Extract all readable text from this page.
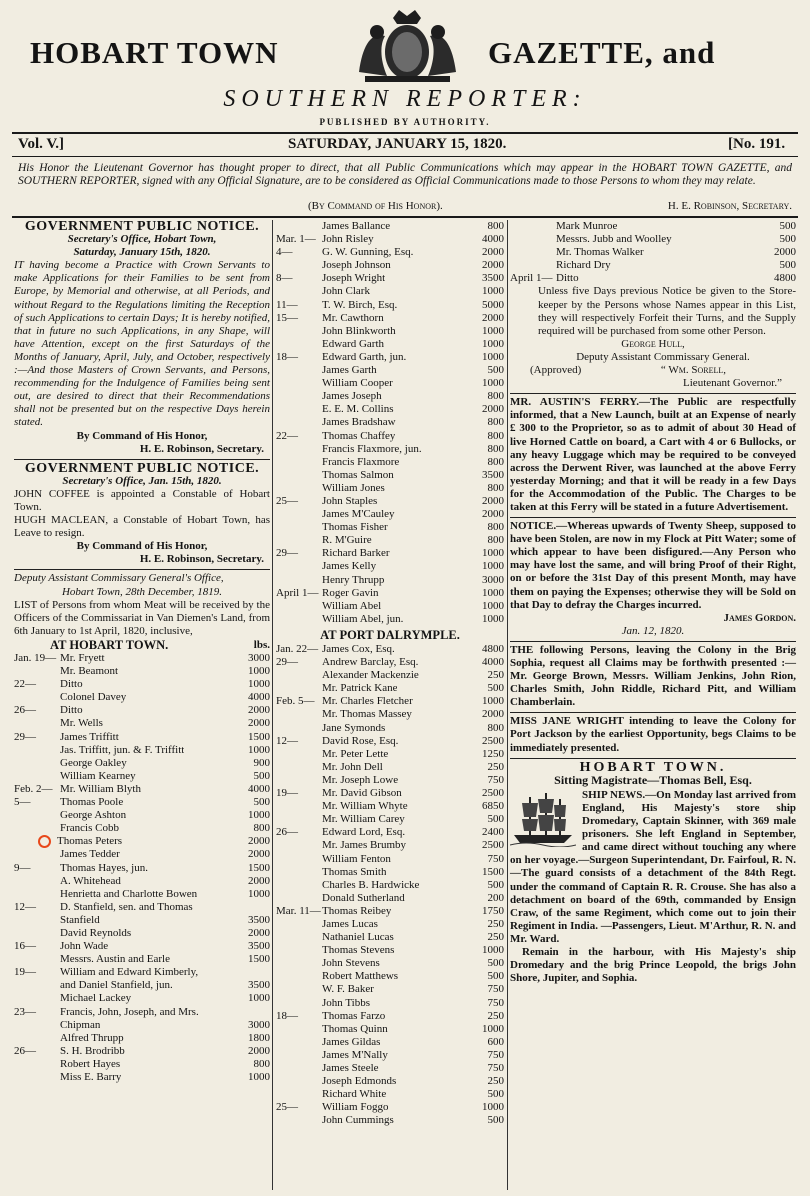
HOBART TOWN	GAZETTE, and
SOUTHERN REPORTER:
PUBLISHED BY AUTHORITY.
Vol. V.]	SATURDAY, JANUARY 15, 1820.	[No. 191.
His Honor the Lieutenant Governor has thought proper to direct, that all Public Communications which may appear in the HOBART TOWN GAZETTE, and SOUTHERN REPORTER, signed with any Official Signature, are to be considered as Official Communications made to those Persons to whom they may relate.
(By Command of His Honor).	H. E. Robinson, Secretary.
GOVERNMENT PUBLIC NOTICE.
Secretary's Office, Hobart Town,
Saturday, January 15th, 1820.
IT having become a Practice with Crown Servants to make Applications for their Families to be sent from Europe, by Memorial and otherwise, at all Periods, and without Regard to the Regulations limiting the Reception of such Applications to certain Days; It is hereby notified, that in future no such Applications, in any Shape, will have Attention, except on the first Saturdays of the Months of January, April, July, and October, respectively :—And those Masters of Crown Servants, and Persons, recommending for the Indulgence of Families being sent out, are desired to direct that their Recommendations shall not be presented but on the respective Days herein stated.
By Command of His Honor,
H. E. Robinson, Secretary.
GOVERNMENT PUBLIC NOTICE.
Secretary's Office, Jan. 15th, 1820.
JOHN COFFEE is appointed a Constable of Hobart Town.
HUGH MACLEAN, a Constable of Hobart Town, has Leave to resign.
By Command of His Honor,
H. E. Robinson, Secretary.
Deputy Assistant Commissary General's Office,
Hobart Town, 28th December, 1819.
LIST of Persons from whom Meat will be received by the Officers of the Commissariat in Van Diemen's Land, from 6th January to 1st April, 1820, inclusive,
AT HOBART TOWN.	lbs.
Jan. 19— Mr. Fryett	3000
Mr. Beamont	1000
22— Ditto	1000
Colonel Davey	4000
26— Ditto	2000
Mr. Wells	2000
29— James Triffitt	1500
Jas. Triffitt, jun. & F. Triffitt	1000
George Oakley	900
William Kearney	500
Feb. 2— Mr. William Blyth	4000
5—	Thomas Poole	500
George Ashton	1000
Francis Cobb	800
Thomas Peters	2000
James Tedder	2000
9—	Thomas Hayes, jun.	1500
A. Whitehead	2000
Henrietta and Charlotte Bowen	1000
12— D. Stanfield, sen. and Thomas
Stanfield	3500
David Reynolds	2000
16— John Wade	3500
Messrs. Austin and Earle	1500
19— William and Edward Kimberly,
and Daniel Stanfield, jun.	3500
Michael Lackey	1000
23— Francis, John, Joseph, and Mrs.
Chipman	3000
Alfred Thrupp	1800
26— S. H. Brodribb	2000
Robert Hayes	800
Miss E. Barry	1000
James Ballance	800
Mar. 1— John Risley	4000
4—	G. W. Gunning, Esq.	2000
Joseph Johnson	2000
8—	Joseph Wright	3500
John Clark	1000
11— T. W. Birch, Esq.	5000
15— Mr. Cawthorn	2000
John Blinkworth	1000
Edward Garth	1000
18— Edward Garth, jun.	1000
James Garth	500
William Cooper	1000
James Joseph	800
E. E. M. Collins	2000
James Bradshaw	800
22— Thomas Chaffey	800
Francis Flaxmore, jun.	800
Francis Flaxmore	800
Thomas Salmon	3500
William Jones	800
25— John Staples	2000
James M'Cauley	2000
Thomas Fisher	800
R. M'Guire	800
29— Richard Barker	1000
James Kelly	1000
Henry Thrupp	3000
April 1— Roger Gavin	1000
William Abel	1000
William Abel, jun.	1000
AT PORT DALRYMPLE.
Jan. 22— James Cox, Esq.	4800
29— Andrew Barclay, Esq.	4000
Alexander Mackenzie	250
Mr. Patrick Kane	500
Feb. 5— Mr. Charles Fletcher	1000
Mr. Thomas Massey	2000
Jane Symonds	800
12— David Rose, Esq.	2500
Mr. Peter Lette	1250
Mr. John Dell	250
Mr. Joseph Lowe	750
19— Mr. David Gibson	2500
Mr. William Whyte	6850
Mr. William Carey	500
26— Edward Lord, Esq.	2400
Mr. James Brumby	2500
William Fenton	750
Thomas Smith	1500
Charles B. Hardwicke	500
Donald Sutherland	200
Mar. 11—Thomas Reibey	1750
James Lucas	250
Nathaniel Lucas	250
Thomas Stevens	1000
John Stevens	500
Robert Matthews	500
W. F. Baker	750
John Tibbs	750
18— Thomas Farzo	250
Thomas Quinn	1000
James Gildas	600
James M'Nally	750
James Steele	750
Joseph Edmonds	250
Richard White	500
25— William Foggo	1000
John Cummings	500
Mark Munroe	500
Messrs. Jubb and Woolley	500
Mr. Thomas Walker	2000
Richard Dry	500
April 1— Ditto	4800
Unless five Days previous Notice be given to the Store-keeper by the Persons whose Names appear in this List, they will respectively Forfeit their Turns, and the Supply required will be purchased from some other Person.
George Hull,
Deputy Assistant Commissary General.
(Approved)	“ Wm. Sorell,
Lieutenant Governor.”
MR. AUSTIN'S FERRY.—The Public are respectfully informed, that a New Launch, built at an Expense of nearly £ 300 to the Proprietor, so as to admit of about 30 Head of live Horned Cattle on board, a Cart with 4 or 6 Bullocks, or any heavy Luggage which may be required to be conveyed across the Derwent River, was launched at the above Ferry yesterday Morning; and that it will be ready in a few Days for the Accommodation of the Public. The Charges to be taken at this Ferry will be stated in a future Advertisement.
NOTICE.—Whereas upwards of Twenty Sheep, supposed to have been Stolen, are now in my Flock at Pitt Water; some of which appear to have been disfigured.—Any Person who may have lost the same, and will bring Proof of their Right, on or before the 31st Day of this present Month, may have them on paying the Expenses; otherwise they will be Sold on that Day to defray the Charges incurred.
James Gordon.
Jan. 12, 1820.
THE following Persons, leaving the Colony in the Brig Sophia, request all Claims may be forthwith presented :—Mr. George Brown, Messrs. William Jenkins, John Rion, Charles Smith, John Riddle, Richard Pitt, and William Chamberlain.
MISS JANE WRIGHT intending to leave the Colony for Port Jackson by the earliest Opportunity, begs Claims to be immediately presented.
HOBART TOWN.
Sitting Magistrate—Thomas Bell, Esq.
SHIP NEWS.—On Monday last arrived from England, His Majesty's store ship Dromedary, Captain Skinner, with 369 male prisoners. She left England in September, and came direct without touching any where on her voyage.—Surgeon Superintendant, Dr. Fairfoul, R. N.—The guard consists of a detachment of the 84th Regt. under the command of Captain R. R. Crouse. She has also a detachment on board of the 69th, commanded by Ensign Craw, of the same Regiment, which come out to join their Regiment in India. —Passengers, Lieut. M'Arthur, R. N. and Mr. Ward.
Remain in the harbour, with His Majesty's ship Dromedary and the brig Prince Leopold, the brigs John Shore, Jupiter, and Sophia.
